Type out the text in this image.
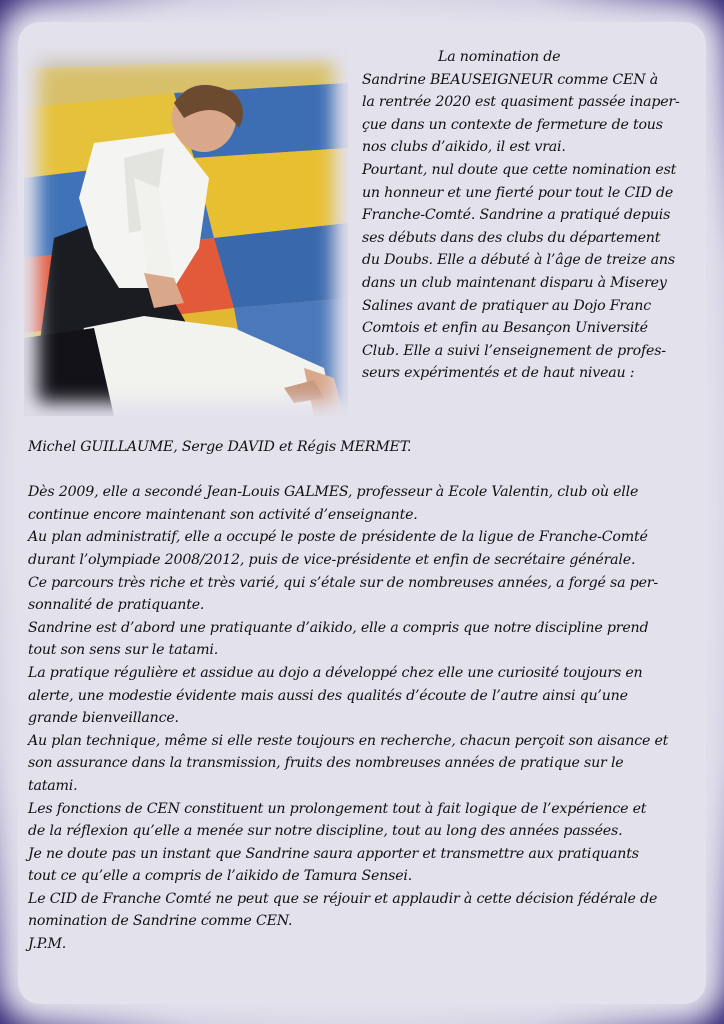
La nomination de
Sandrine BEAUSEIGNEUR comme CEN à
la rentrée 2020 est quasiment passée inaper-
çue dans un contexte de fermeture de tous
nos clubs d’aikido, il est vrai.
Pourtant, nul doute que cette nomination est
un honneur et une fierté pour tout le CID de
Franche-Comté. Sandrine a pratiqué depuis
ses débuts dans des clubs du département
du Doubs. Elle a débuté à l’âge de treize ans
dans un club maintenant disparu à Miserey
Salines avant de pratiquer au Dojo Franc
Comtois et enfin au Besançon Université
Club. Elle a suivi l’enseignement de profes-
seurs expérimentés et de haut niveau :
Michel GUILLAUME, Serge DAVID et Régis MERMET.
Dès 2009, elle a secondé Jean-Louis GALMES, professeur à Ecole Valentin, club où elle
continue encore maintenant son activité d’enseignante.
Au plan administratif, elle a occupé le poste de présidente de la ligue de Franche-Comté
durant l’olympiade 2008/2012, puis de vice-présidente et enfin de secrétaire générale.
Ce parcours très riche et très varié, qui s’étale sur de nombreuses années, a forgé sa per-
sonnalité de pratiquante.
Sandrine est d’abord une pratiquante d’aikido, elle a compris que notre discipline prend
tout son sens sur le tatami.
La pratique régulière et assidue au dojo a développé chez elle une curiosité toujours en
alerte, une modestie évidente mais aussi des qualités d’écoute de l’autre ainsi qu’une
grande bienveillance.
Au plan technique, même si elle reste toujours en recherche, chacun perçoit son aisance et
son assurance dans la transmission, fruits des nombreuses années de pratique sur le
tatami.
Les fonctions de CEN constituent un prolongement tout à fait logique de l’expérience et
de la réflexion qu’elle a menée sur notre discipline, tout au long des années passées.
Je ne doute pas un instant que Sandrine saura apporter et transmettre aux pratiquants
tout ce qu’elle a compris de l’aikido de Tamura Sensei.
Le CID de Franche Comté ne peut que se réjouir et applaudir à cette décision fédérale de
nomination de Sandrine comme CEN.
J.P.M.
